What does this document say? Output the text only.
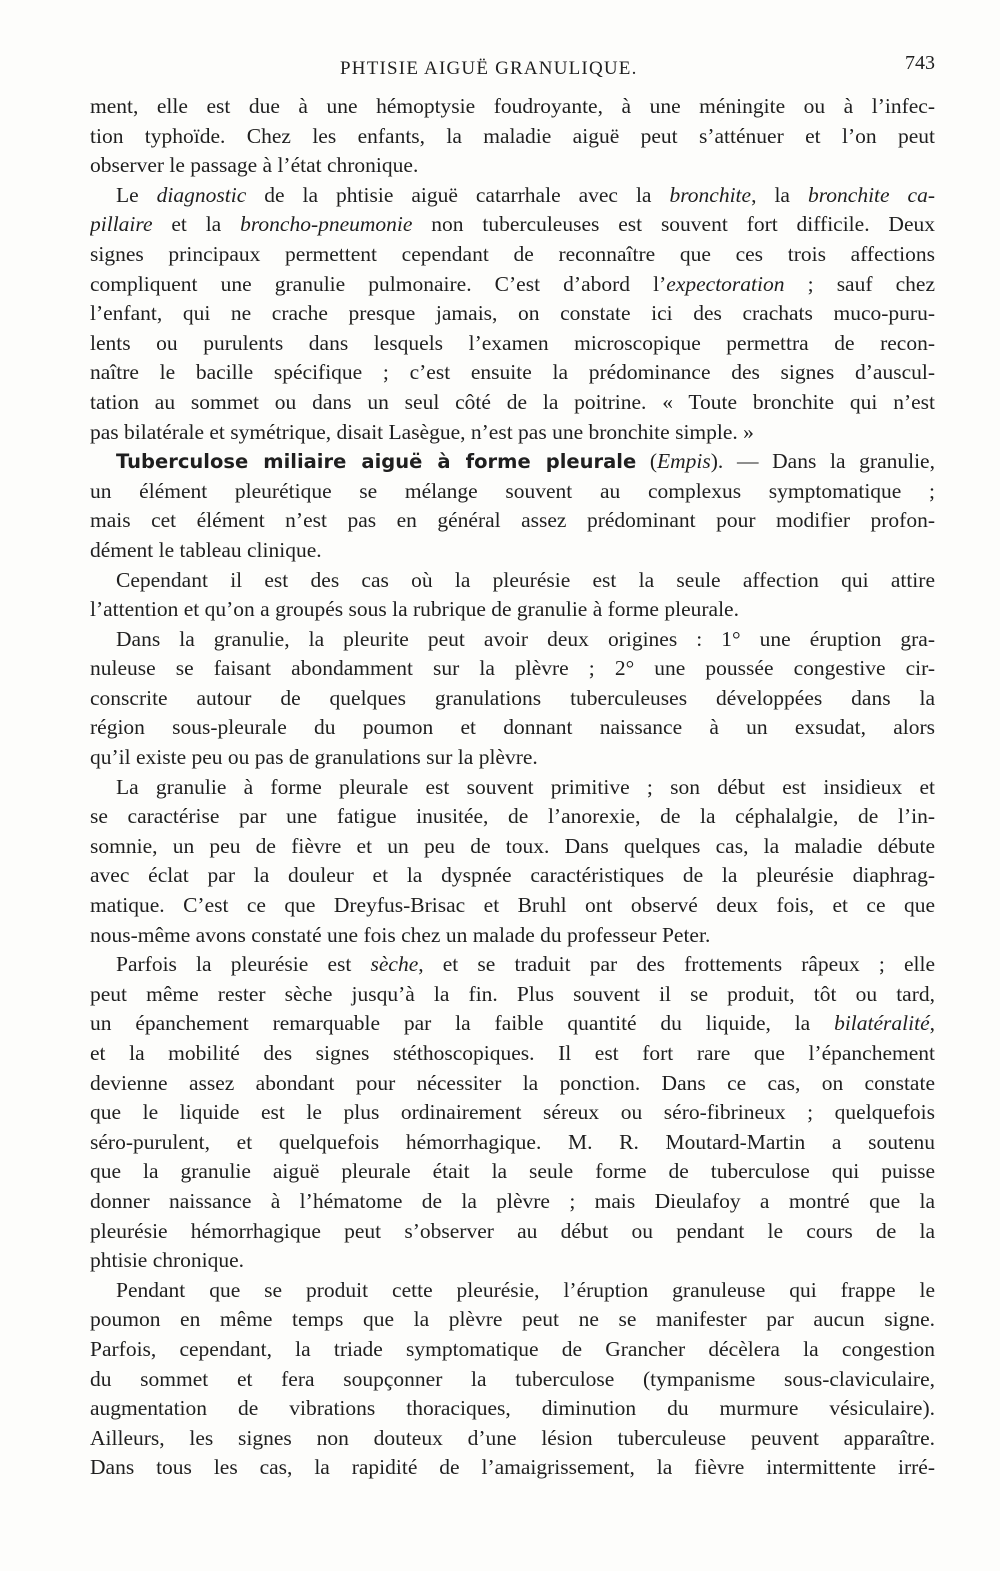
PHTISIE AIGUË GRANULIQUE.	743
ment, elle est due à une hémoptysie foudroyante, à une méningite ou à l’infec-
tion typhoïde. Chez les enfants, la maladie aiguë peut s’atténuer et l’on peut
observer le passage à l’état chronique.
Le diagnostic de la phtisie aiguë catarrhale avec la bronchite, la bronchite ca-
pillaire et la broncho-pneumonie non tuberculeuses est souvent fort difficile. Deux
signes principaux permettent cependant de reconnaître que ces trois affections
compliquent une granulie pulmonaire. C’est d’abord l’expectoration ; sauf chez
l’enfant, qui ne crache presque jamais, on constate ici des crachats muco-puru-
lents ou purulents dans lesquels l’examen microscopique permettra de recon-
naître le bacille spécifique ; c’est ensuite la prédominance des signes d’auscul-
tation au sommet ou dans un seul côté de la poitrine. « Toute bronchite qui n’est
pas bilatérale et symétrique, disait Lasègue, n’est pas une bronchite simple. »
Tuberculose miliaire aiguë à forme pleurale (Empis). — Dans la granulie,
un élément pleurétique se mélange souvent au complexus symptomatique ;
mais cet élément n’est pas en général assez prédominant pour modifier profon-
dément le tableau clinique.
Cependant il est des cas où la pleurésie est la seule affection qui attire
l’attention et qu’on a groupés sous la rubrique de granulie à forme pleurale.
Dans la granulie, la pleurite peut avoir deux origines : 1° une éruption gra-
nuleuse se faisant abondamment sur la plèvre ; 2° une poussée congestive cir-
conscrite autour de quelques granulations tuberculeuses développées dans la
région sous-pleurale du poumon et donnant naissance à un exsudat, alors
qu’il existe peu ou pas de granulations sur la plèvre.
La granulie à forme pleurale est souvent primitive ; son début est insidieux et
se caractérise par une fatigue inusitée, de l’anorexie, de la céphalalgie, de l’in-
somnie, un peu de fièvre et un peu de toux. Dans quelques cas, la maladie débute
avec éclat par la douleur et la dyspnée caractéristiques de la pleurésie diaphrag-
matique. C’est ce que Dreyfus-Brisac et Bruhl ont observé deux fois, et ce que
nous-même avons constaté une fois chez un malade du professeur Peter.
Parfois la pleurésie est sèche, et se traduit par des frottements râpeux ; elle
peut même rester sèche jusqu’à la fin. Plus souvent il se produit, tôt ou tard,
un épanchement remarquable par la faible quantité du liquide, la bilatéralité,
et la mobilité des signes stéthoscopiques. Il est fort rare que l’épanchement
devienne assez abondant pour nécessiter la ponction. Dans ce cas, on constate
que le liquide est le plus ordinairement séreux ou séro-fibrineux ; quelquefois
séro-purulent, et quelquefois hémorrhagique. M. R. Moutard-Martin a soutenu
que la granulie aiguë pleurale était la seule forme de tuberculose qui puisse
donner naissance à l’hématome de la plèvre ; mais Dieulafoy a montré que la
pleurésie hémorrhagique peut s’observer au début ou pendant le cours de la
phtisie chronique.
Pendant que se produit cette pleurésie, l’éruption granuleuse qui frappe le
poumon en même temps que la plèvre peut ne se manifester par aucun signe.
Parfois, cependant, la triade symptomatique de Grancher décèlera la congestion
du sommet et fera soupçonner la tuberculose (tympanisme sous-claviculaire,
augmentation de vibrations thoraciques, diminution du murmure vésiculaire).
Ailleurs, les signes non douteux d’une lésion tuberculeuse peuvent apparaître.
Dans tous les cas, la rapidité de l’amaigrissement, la fièvre intermittente irré-
